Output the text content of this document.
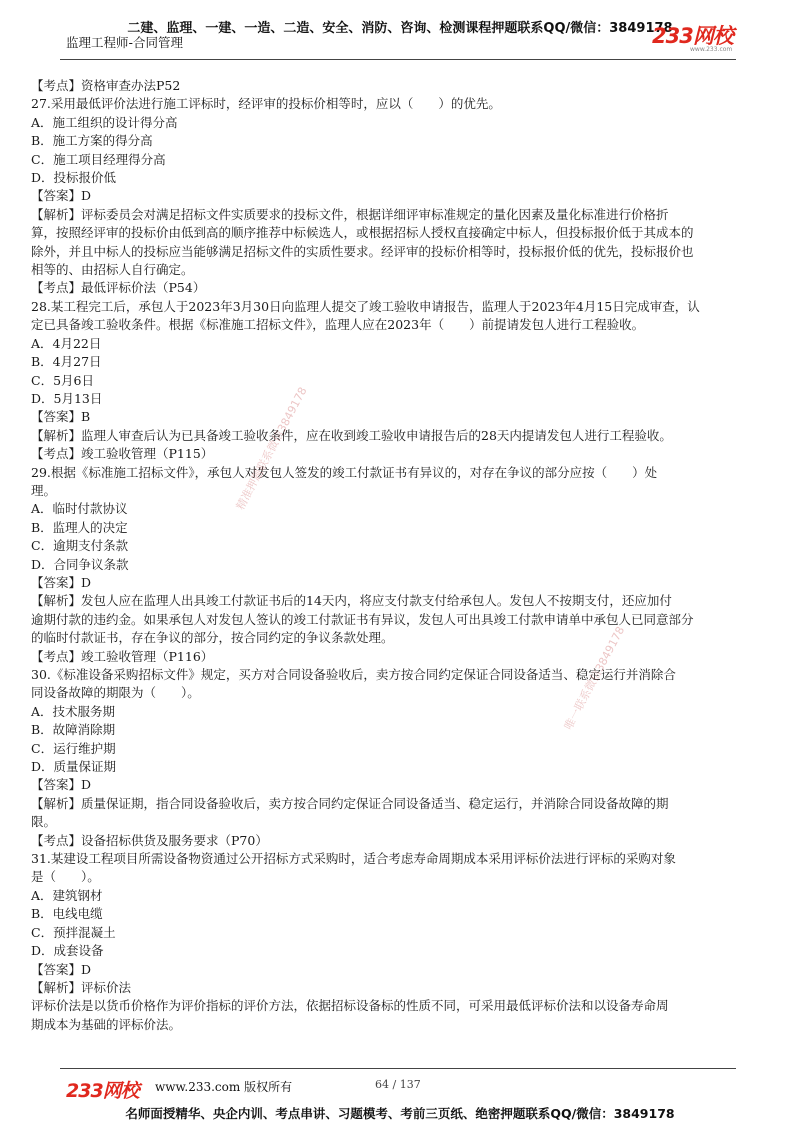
二建、监理、一建、一造、二造、安全、消防、咨询、检测课程押题联系QQ/微信：3849178
监理工程师-合同管理	233网校
www.233.com

【考点】资格审查办法P52

27.采用最低评价法进行施工评标时，经评审的投标价相等时，应以（　　）的优先。

A．施工组织的设计得分高

B．施工方案的得分高

C．施工项目经理得分高

D．投标报价低

【答案】D

【解析】评标委员会对满足招标文件实质要求的投标文件，根据详细评审标准规定的量化因素及量化标准进行价格折

算，按照经评审的投标价由低到高的顺序推荐中标候选人，或根据招标人授权直接确定中标人，但投标报价低于其成本的

除外，并且中标人的投标应当能够满足招标文件的实质性要求。经评审的投标价相等时，投标报价低的优先，投标报价也

相等的、由招标人自行确定。

【考点】最低评标价法（P54）

28.某工程完工后，承包人于2023年3月30日向监理人提交了竣工验收申请报告，监理人于2023年4月15日完成审查，认

定已具备竣工验收条件。根据《标准施工招标文件》，监理人应在2023年（　　）前提请发包人进行工程验收。

A．4月22日

B．4月27日

C．5月6日

D．5月13日

【答案】B

【解析】监理人审查后认为已具备竣工验收条件，应在收到竣工验收申请报告后的28天内提请发包人进行工程验收。

【考点】竣工验收管理（P115）

29.根据《标准施工招标文件》，承包人对发包人签发的竣工付款证书有异议的，对存在争议的部分应按（　　）处

理。

A．临时付款协议

B．监理人的决定

C．逾期支付条款

D．合同争议条款

【答案】D

【解析】发包人应在监理人出具竣工付款证书后的14天内，将应支付款支付给承包人。发包人不按期支付，还应加付

逾期付款的违约金。如果承包人对发包人签认的竣工付款证书有异议，发包人可出具竣工付款申请单中承包人已同意部分

的临时付款证书，存在争议的部分，按合同约定的争议条款处理。

【考点】竣工验收管理（P116）

30.《标准设备采购招标文件》规定，买方对合同设备验收后，卖方按合同约定保证合同设备适当、稳定运行并消除合

同设备故障的期限为（　　）。

A．技术服务期

B．故障消除期

C．运行维护期

D．质量保证期

【答案】D

【解析】质量保证期，指合同设备验收后，卖方按合同约定保证合同设备适当、稳定运行，并消除合同设备故障的期

限。

【考点】设备招标供货及服务要求（P70）

31.某建设工程项目所需设备物资通过公开招标方式采购时，适合考虑寿命周期成本采用评标价法进行评标的采购对象

是（　　）。

A．建筑钢材

B．电线电缆

C．预拌混凝土

D．成套设备

【答案】D

【解析】评标价法

评标价法是以货币价格作为评价指标的评价方法，依据招标设备标的性质不同，可采用最低评标价法和以设备寿命周

期成本为基础的评标价法。

精准押题联系微信3849178
唯一联系微信3849178
233网校 www.233.com 版权所有	64 / 137
名师面授精华、央企内训、考点串讲、习题模考、考前三页纸、绝密押题联系QQ/微信：3849178
